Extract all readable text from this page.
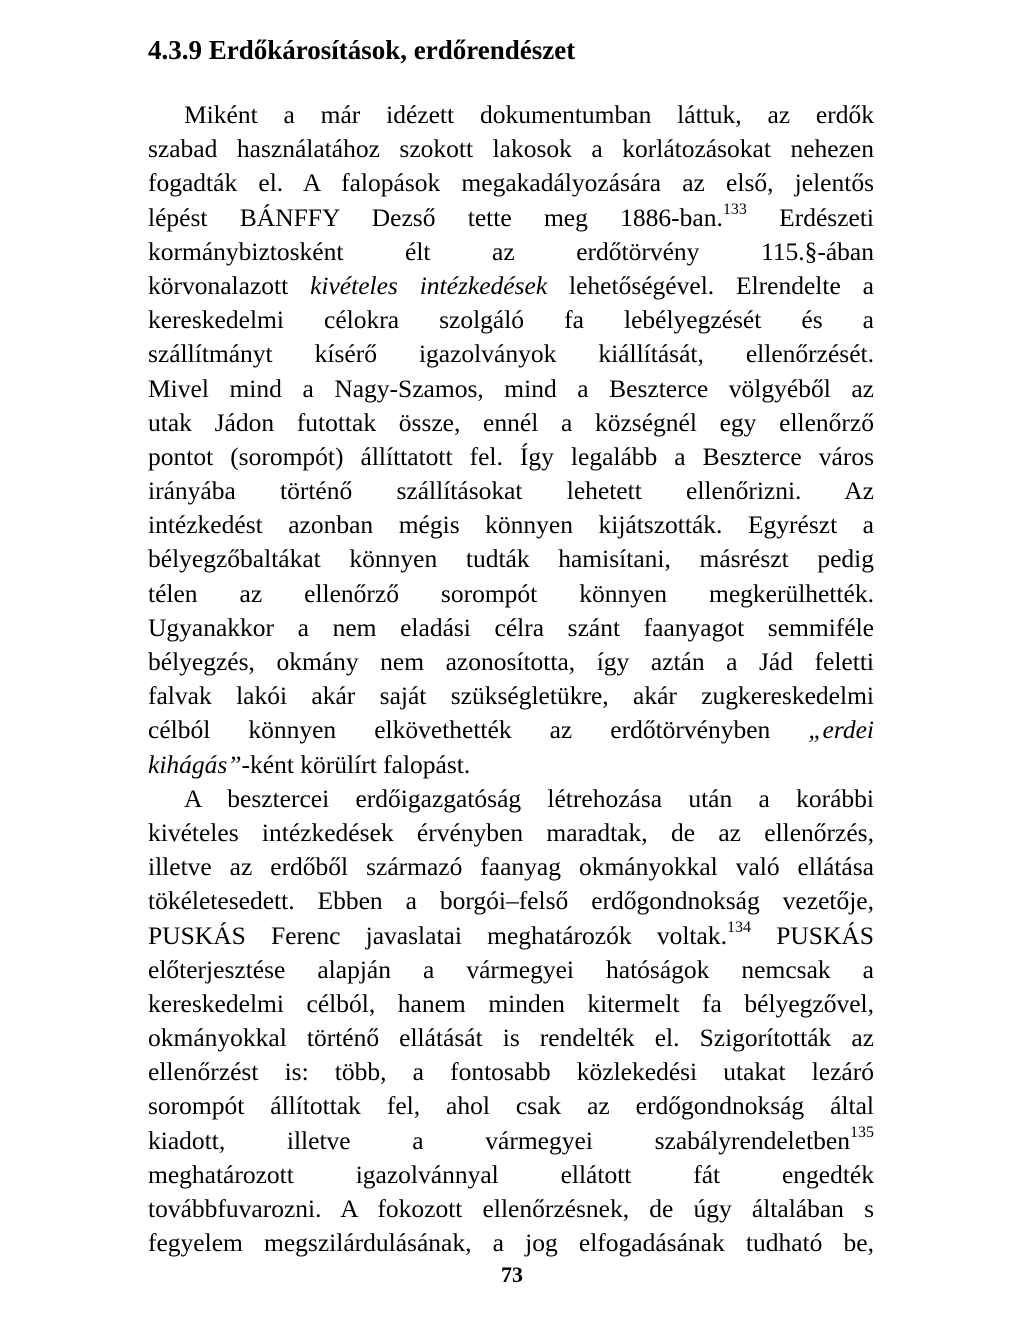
4.3.9 Erdőkárosítások, erdőrendészet
Miként a már idézett dokumentumban láttuk, az erdők
szabad használatához szokott lakosok a korlátozásokat nehezen
fogadták el. A falopások megakadályozására az első, jelentős
lépést BÁNFFY Dezső tette meg 1886-ban.$^{133}$ Erdészeti
kormánybiztosként élt az erdőtörvény 115.§-ában
körvonalazott kivételes intézkedések lehetőségével. Elrendelte a
kereskedelmi célokra szolgáló fa lebélyegzését és a
szállítmányt kísérő igazolványok kiállítását, ellenőrzését.
Mivel mind a Nagy-Szamos, mind a Beszterce völgyéből az
utak Jádon futottak össze, ennél a községnél egy ellenőrző
pontot (sorompót) állíttatott fel. Így legalább a Beszterce város
irányába történő szállításokat lehetett ellenőrizni. Az
intézkedést azonban mégis könnyen kijátszották. Egyrészt a
bélyegzőbaltákat könnyen tudták hamisítani, másrészt pedig
télen az ellenőrző sorompót könnyen megkerülhették.
Ugyanakkor a nem eladási célra szánt faanyagot semmiféle
bélyegzés, okmány nem azonosította, így aztán a Jád feletti
falvak lakói akár saját szükségletükre, akár zugkereskedelmi
célból könnyen elkövethették az erdőtörvényben „erdei
kihágás”-ként körülírt falopást.
A besztercei erdőigazgatóság létrehozása után a korábbi
kivételes intézkedések érvényben maradtak, de az ellenőrzés,
illetve az erdőből származó faanyag okmányokkal való ellátása
tökéletesedett. Ebben a borgói–felső erdőgondnokság vezetője,
PUSKÁS Ferenc javaslatai meghatározók voltak.$^{134}$ PUSKÁS
előterjesztése alapján a vármegyei hatóságok nemcsak a
kereskedelmi célból, hanem minden kitermelt fa bélyegzővel,
okmányokkal történő ellátását is rendelték el. Szigorították az
ellenőrzést is: több, a fontosabb közlekedési utakat lezáró
sorompót állítottak fel, ahol csak az erdőgondnokság által
kiadott, illetve a vármegyei szabályrendeletben$^{135}$
meghatározott igazolvánnyal ellátott fát engedték
továbbfuvarozni. A fokozott ellenőrzésnek, de úgy általában s
fegyelem megszilárdulásának, a jog elfogadásának tudható be,
73
